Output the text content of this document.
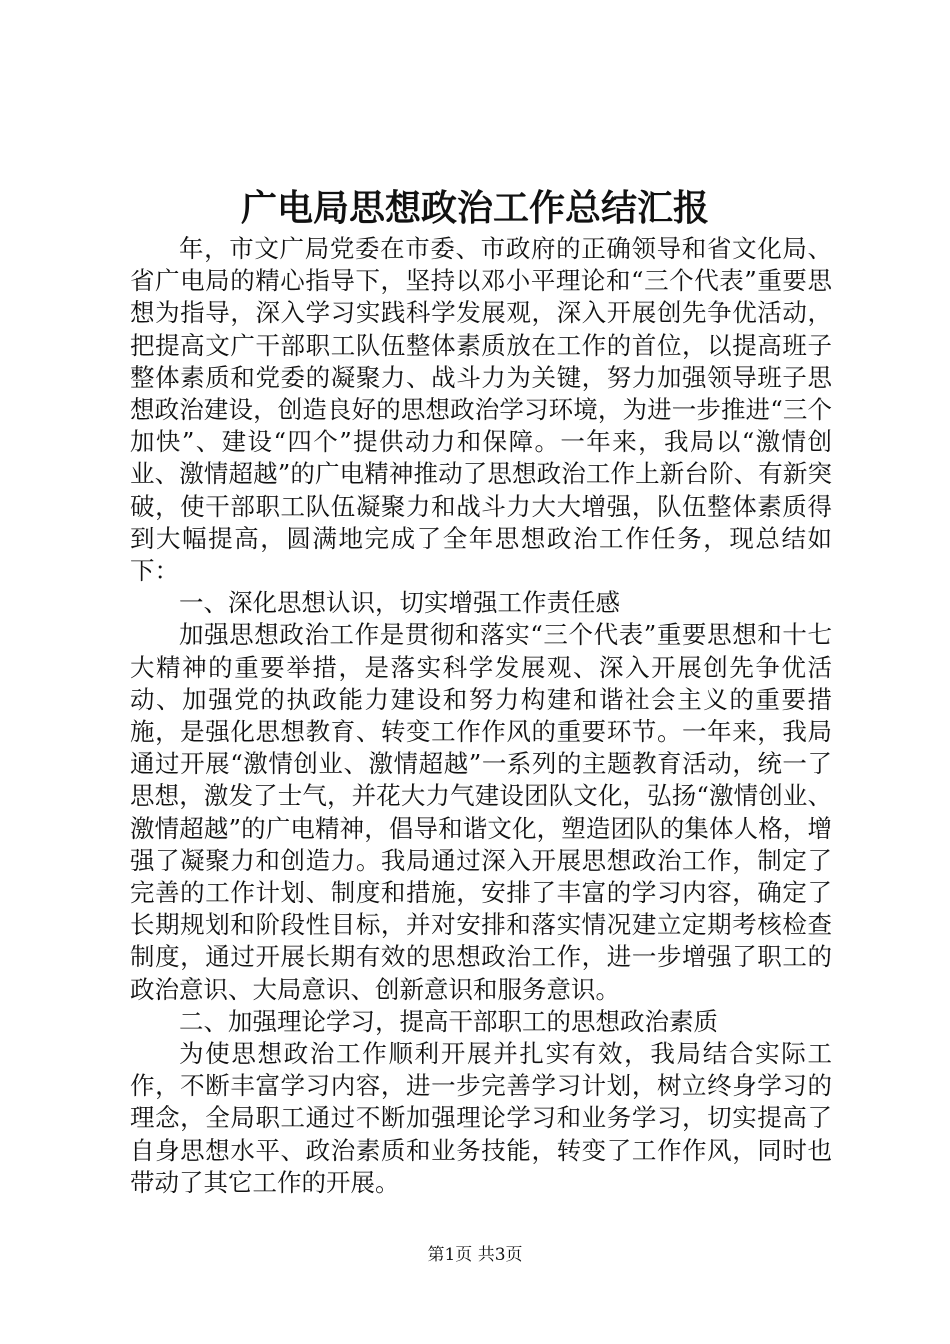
广电局思想政治工作总结汇报

年，市文广局党委在市委、市政府的正确领导和省文化局、省广电局的精心指导下，坚持以邓小平理论和“三个代表”重要思想为指导，深入学习实践科学发展观，深入开展创先争优活动，把提高文广干部职工队伍整体素质放在工作的首位，以提高班子整体素质和党委的凝聚力、战斗力为关键，努力加强领导班子思想政治建设，创造良好的思想政治学习环境，为进一步推进“三个加快”、建设“四个”提供动力和保障。一年来，我局以“激情创业、激情超越”的广电精神推动了思想政治工作上新台阶、有新突破，使干部职工队伍凝聚力和战斗力大大增强，队伍整体素质得到大幅提高，圆满地完成了全年思想政治工作任务，现总结如下：

一、深化思想认识，切实增强工作责任感

加强思想政治工作是贯彻和落实“三个代表”重要思想和十七大精神的重要举措，是落实科学发展观、深入开展创先争优活动、加强党的执政能力建设和努力构建和谐社会主义的重要措施，是强化思想教育、转变工作作风的重要环节。一年来，我局通过开展“激情创业、激情超越”一系列的主题教育活动，统一了思想，激发了士气，并花大力气建设团队文化，弘扬“激情创业、激情超越”的广电精神，倡导和谐文化，塑造团队的集体人格，增强了凝聚力和创造力。我局通过深入开展思想政治工作，制定了完善的工作计划、制度和措施，安排了丰富的学习内容，确定了长期规划和阶段性目标，并对安排和落实情况建立定期考核检查制度，通过开展长期有效的思想政治工作，进一步增强了职工的政治意识、大局意识、创新意识和服务意识。

二、加强理论学习，提高干部职工的思想政治素质

为使思想政治工作顺利开展并扎实有效，我局结合实际工作，不断丰富学习内容，进一步完善学习计划，树立终身学习的理念，全局职工通过不断加强理论学习和业务学习，切实提高了自身思想水平、政治素质和业务技能，转变了工作作风，同时也带动了其它工作的开展。

第1页 共3页
